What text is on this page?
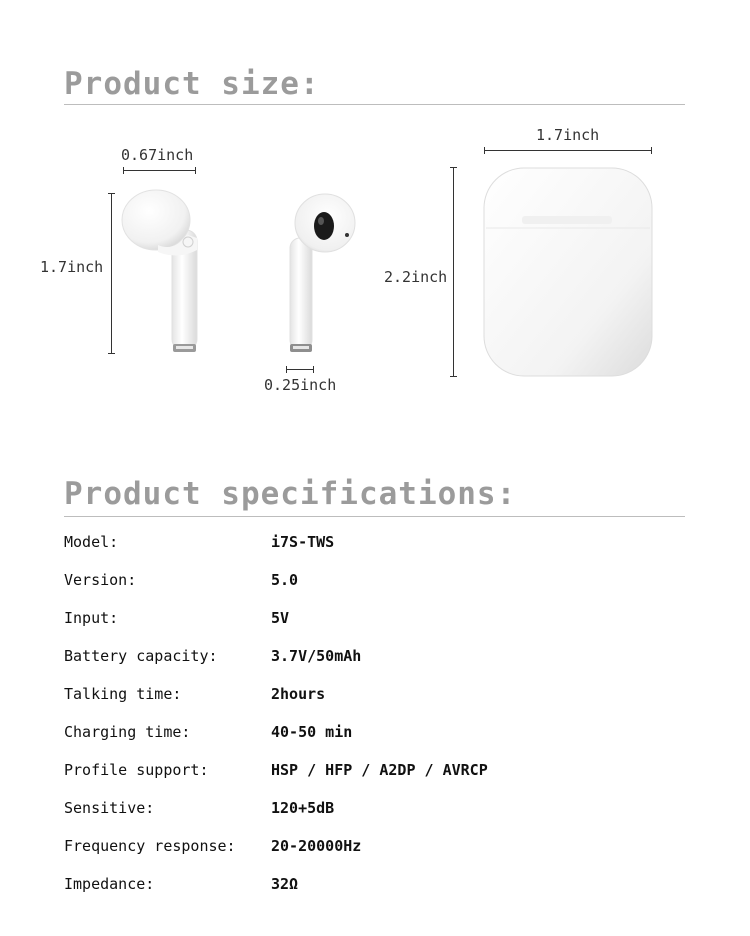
Product size:
0.67inch
1.7inch
0.25inch
1.7inch
2.2inch
Product specifications:
Model:	i7S-TWS
Version:	5.0
Input:	5V
Battery capacity:	3.7V/50mAh
Talking time:	2hours
Charging time:	40-50 min
Profile support:	HSP / HFP / A2DP / AVRCP
Sensitive:	120+5dB
Frequency response: 20-20000Hz
Impedance:	32Ω
